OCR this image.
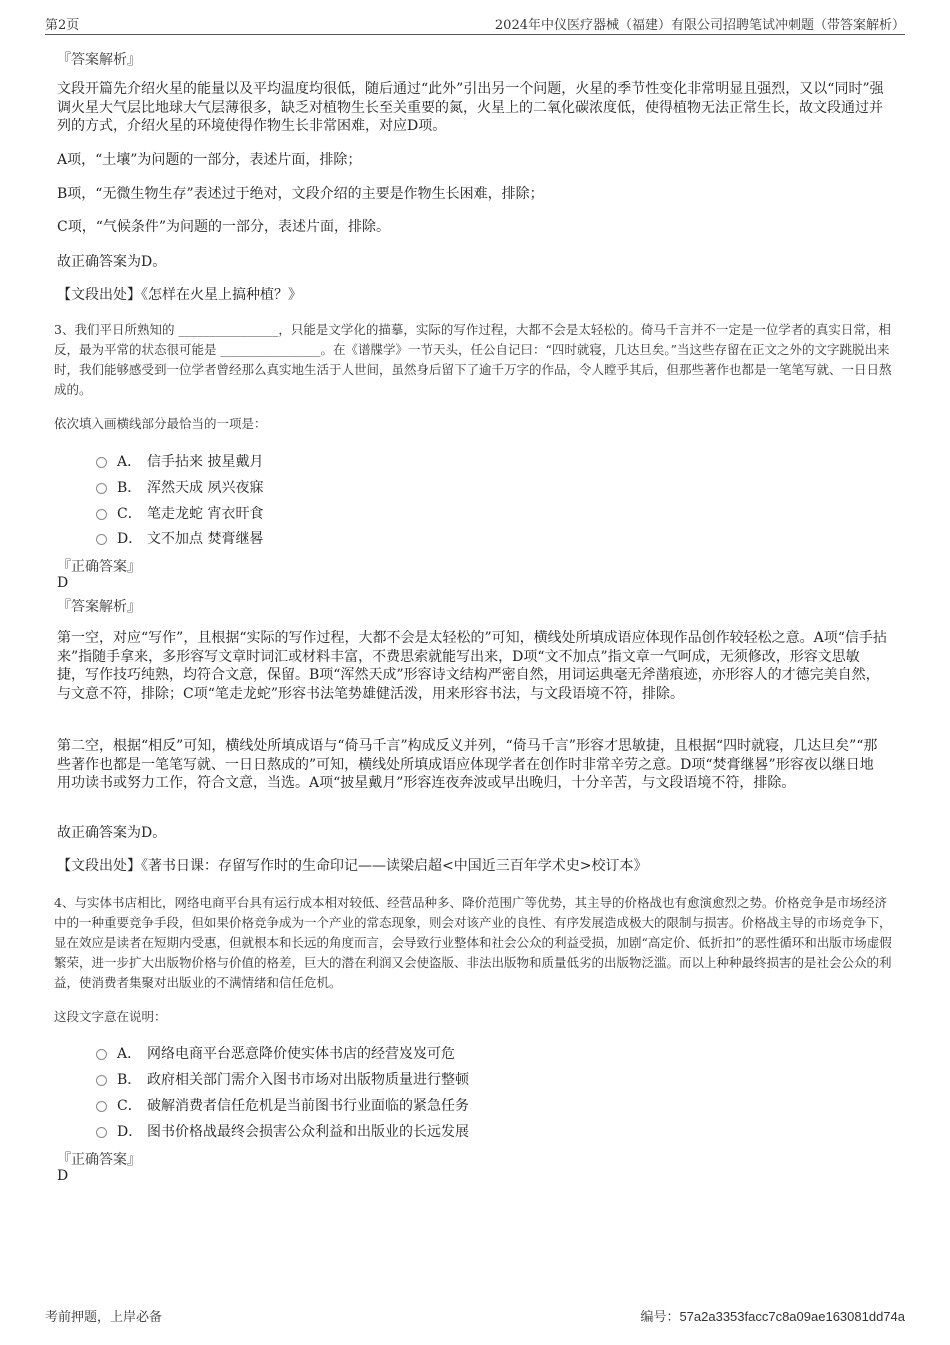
第2页	2024年中仪医疗器械（福建）有限公司招聘笔试冲刺题（带答案解析）
『答案解析』

文段开篇先介绍火星的能量以及平均温度均很低，随后通过“此外”引出另一个问题，火星的季节性变化非常明显且强烈，又以“同时”强调火星大气层比地球大气层薄很多，缺乏对植物生长至关重要的氮，火星上的二氧化碳浓度低，使得植物无法正常生长，故文段通过并列的方式，介绍火星的环境使得作物生长非常困难，对应D项。

A项，“土壤”为问题的一部分，表述片面，排除；

B项，“无微生物生存”表述过于绝对，文段介绍的主要是作物生长困难，排除；

C项，“气候条件”为问题的一部分，表述片面，排除。

故正确答案为D。

【文段出处】《怎样在火星上搞种植？》

3、我们平日所熟知的 ________________，只能是文学化的描摹，实际的写作过程，大都不会是太轻松的。倚马千言并不一定是一位学者的真实日常，相反，最为平常的状态很可能是 ________________。在《谱牒学》一节天头，任公自记曰：“四时就寝，几达旦矣。”当这些存留在正文之外的文字跳脱出来时，我们能够感受到一位学者曾经那么真实地生活于人世间，虽然身后留下了逾千万字的作品，令人瞠乎其后，但那些著作也都是一笔笔写就、一日日熬成的。

依次填入画横线部分最恰当的一项是：

A． 信手拈来 披星戴月
B． 浑然天成 夙兴夜寐
C． 笔走龙蛇 宵衣旰食
D． 文不加点 焚膏继晷
『正确答案』
D
『答案解析』

第一空，对应“写作”，且根据“实际的写作过程，大都不会是太轻松的”可知，横线处所填成语应体现作品创作较轻松之意。A项“信手拈来”指随手拿来，多形容写文章时词汇或材料丰富，不费思索就能写出来，D项“文不加点”指文章一气呵成，无须修改，形容文思敏捷，写作技巧纯熟，均符合文意，保留。B项“浑然天成”形容诗文结构严密自然，用词运典毫无斧凿痕迹，亦形容人的才德完美自然，与文意不符，排除；C项“笔走龙蛇”形容书法笔势雄健活泼，用来形容书法，与文段语境不符，排除。

第二空，根据“相反”可知，横线处所填成语与“倚马千言”构成反义并列，“倚马千言”形容才思敏捷，且根据“四时就寝，几达旦矣”“那些著作也都是一笔笔写就、一日日熬成的”可知，横线处所填成语应体现学者在创作时非常辛劳之意。D项“焚膏继晷”形容夜以继日地用功读书或努力工作，符合文意，当选。A项“披星戴月”形容连夜奔波或早出晚归，十分辛苦，与文段语境不符，排除。

故正确答案为D。

【文段出处】《著书日课：存留写作时的生命印记——读梁启超<中国近三百年学术史>校订本》

4、与实体书店相比，网络电商平台具有运行成本相对较低、经营品种多、降价范围广等优势，其主导的价格战也有愈演愈烈之势。价格竞争是市场经济中的一种重要竞争手段，但如果价格竞争成为一个产业的常态现象，则会对该产业的良性、有序发展造成极大的限制与损害。价格战主导的市场竞争下，显在效应是读者在短期内受惠，但就根本和长远的角度而言，会导致行业整体和社会公众的利益受损，加剧“高定价、低折扣”的恶性循环和出版市场虚假繁荣，进一步扩大出版物价格与价值的格差，巨大的潜在利润又会使盗版、非法出版物和质量低劣的出版物泛滥。而以上种种最终损害的是社会公众的利益，使消费者集聚对出版业的不满情绪和信任危机。

这段文字意在说明：

A． 网络电商平台恶意降价使实体书店的经营岌岌可危
B． 政府相关部门需介入图书市场对出版物质量进行整顿
C． 破解消费者信任危机是当前图书行业面临的紧急任务
D． 图书价格战最终会损害公众利益和出版业的长远发展
『正确答案』
D
考前押题，上岸必备	编号：57a2a3353facc7c8a09ae163081dd74a
